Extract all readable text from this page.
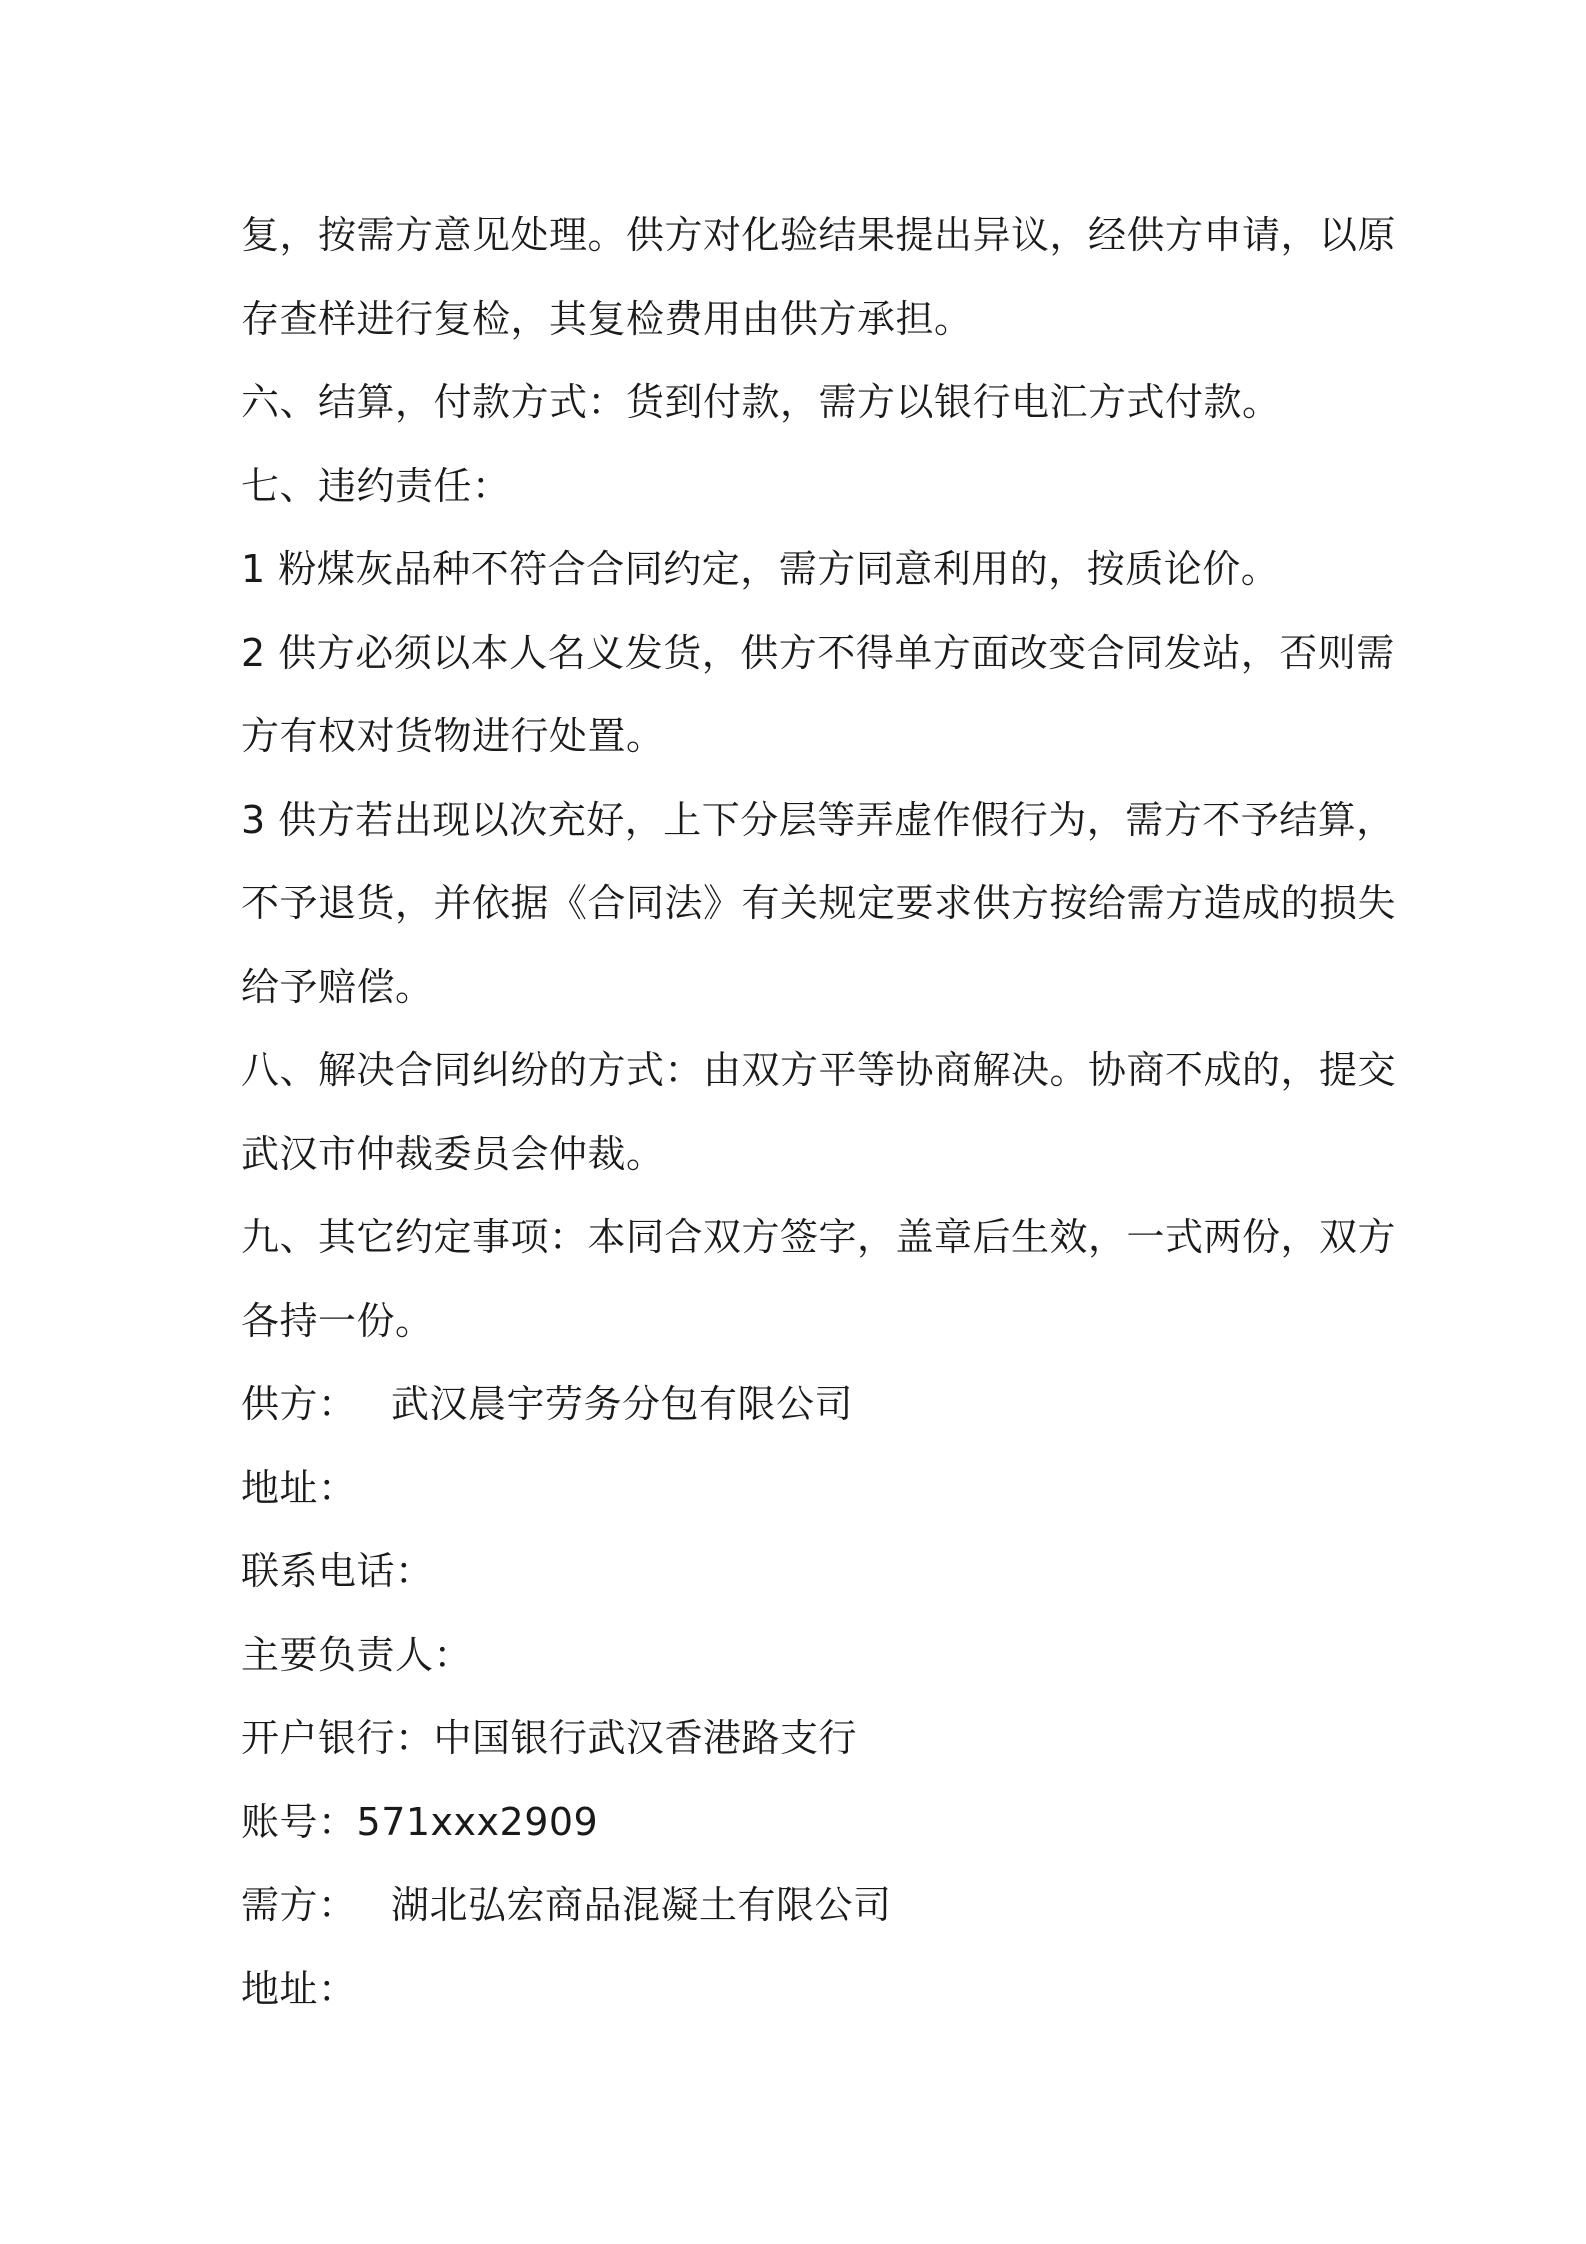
复，按需方意见处理。供方对化验结果提出异议，经供方申请，以原
存查样进行复检，其复检费用由供方承担。
六、结算，付款方式：货到付款，需方以银行电汇方式付款。
七、违约责任：
1 粉煤灰品种不符合合同约定，需方同意利用的，按质论价。
2 供方必须以本人名义发货，供方不得单方面改变合同发站，否则需
方有权对货物进行处置。
3 供方若出现以次充好，上下分层等弄虚作假行为，需方不予结算，
不予退货，并依据《合同法》有关规定要求供方按给需方造成的损失
给予赔偿。
八、解决合同纠纷的方式：由双方平等协商解决。协商不成的，提交
武汉市仲裁委员会仲裁。
九、其它约定事项：本同合双方签字，盖章后生效，一式两份，双方
各持一份。
供方： 武汉晨宇劳务分包有限公司
地址：
联系电话：
主要负责人：
开户银行： 中国银行武汉香港路支行
账号： 571xxx2909
需方： 湖北弘宏商品混凝土有限公司
地址：
